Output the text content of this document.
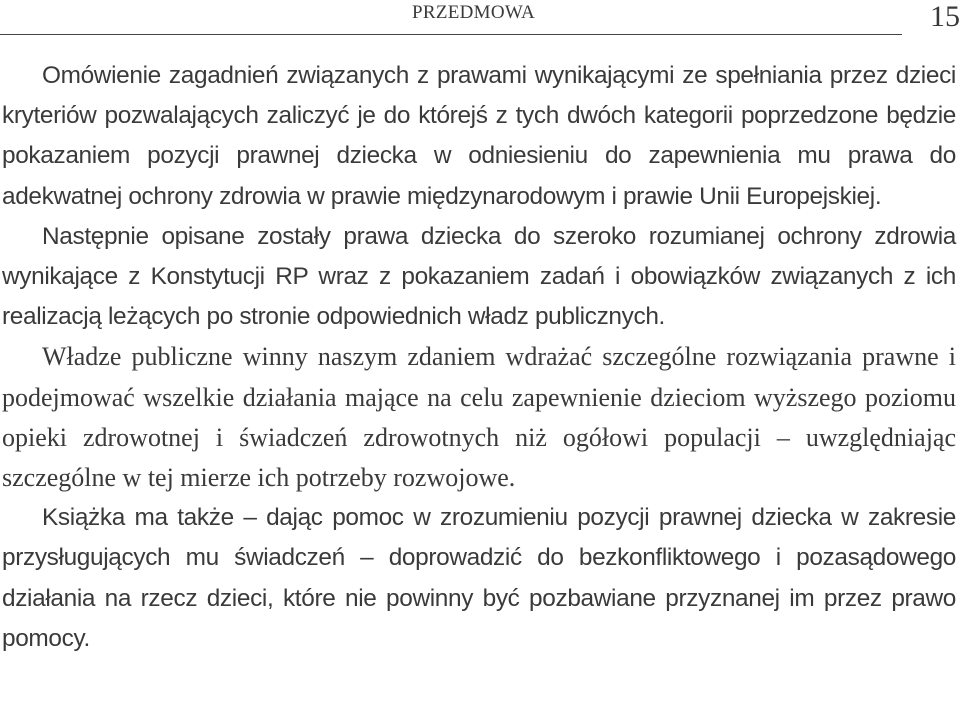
PRZEDMOWA	15

Omówienie zagadnień związanych z prawami wynikającymi ze spełniania przez dzieci kryteriów pozwalających zaliczyć je do którejś z tych dwóch kategorii poprzedzone będzie pokazaniem pozycji prawnej dziecka w odniesieniu do zapewnienia mu prawa do adekwatnej ochrony zdrowia w prawie międzynarodowym i prawie Unii Europejskiej.

Następnie opisane zostały prawa dziecka do szeroko rozumianej ochrony zdrowia wynikające z Konstytucji RP wraz z pokazaniem zadań i obowiązków związanych z ich realizacją leżących po stronie odpowiednich władz publicznych.

Władze publiczne winny naszym zdaniem wdrażać szczególne rozwiązania prawne i podejmować wszelkie działania mające na celu zapewnienie dzieciom wyższego poziomu opieki zdrowotnej i świadczeń zdrowotnych niż ogółowi populacji – uwzględniając szczególne w tej mierze ich potrzeby rozwojowe.

Książka ma także – dając pomoc w zrozumieniu pozycji prawnej dziecka w zakresie przysługujących mu świadczeń – doprowadzić do bezkonfliktowego i pozasądowego działania na rzecz dzieci, które nie powinny być pozbawiane przyznanej im przez prawo pomocy.
